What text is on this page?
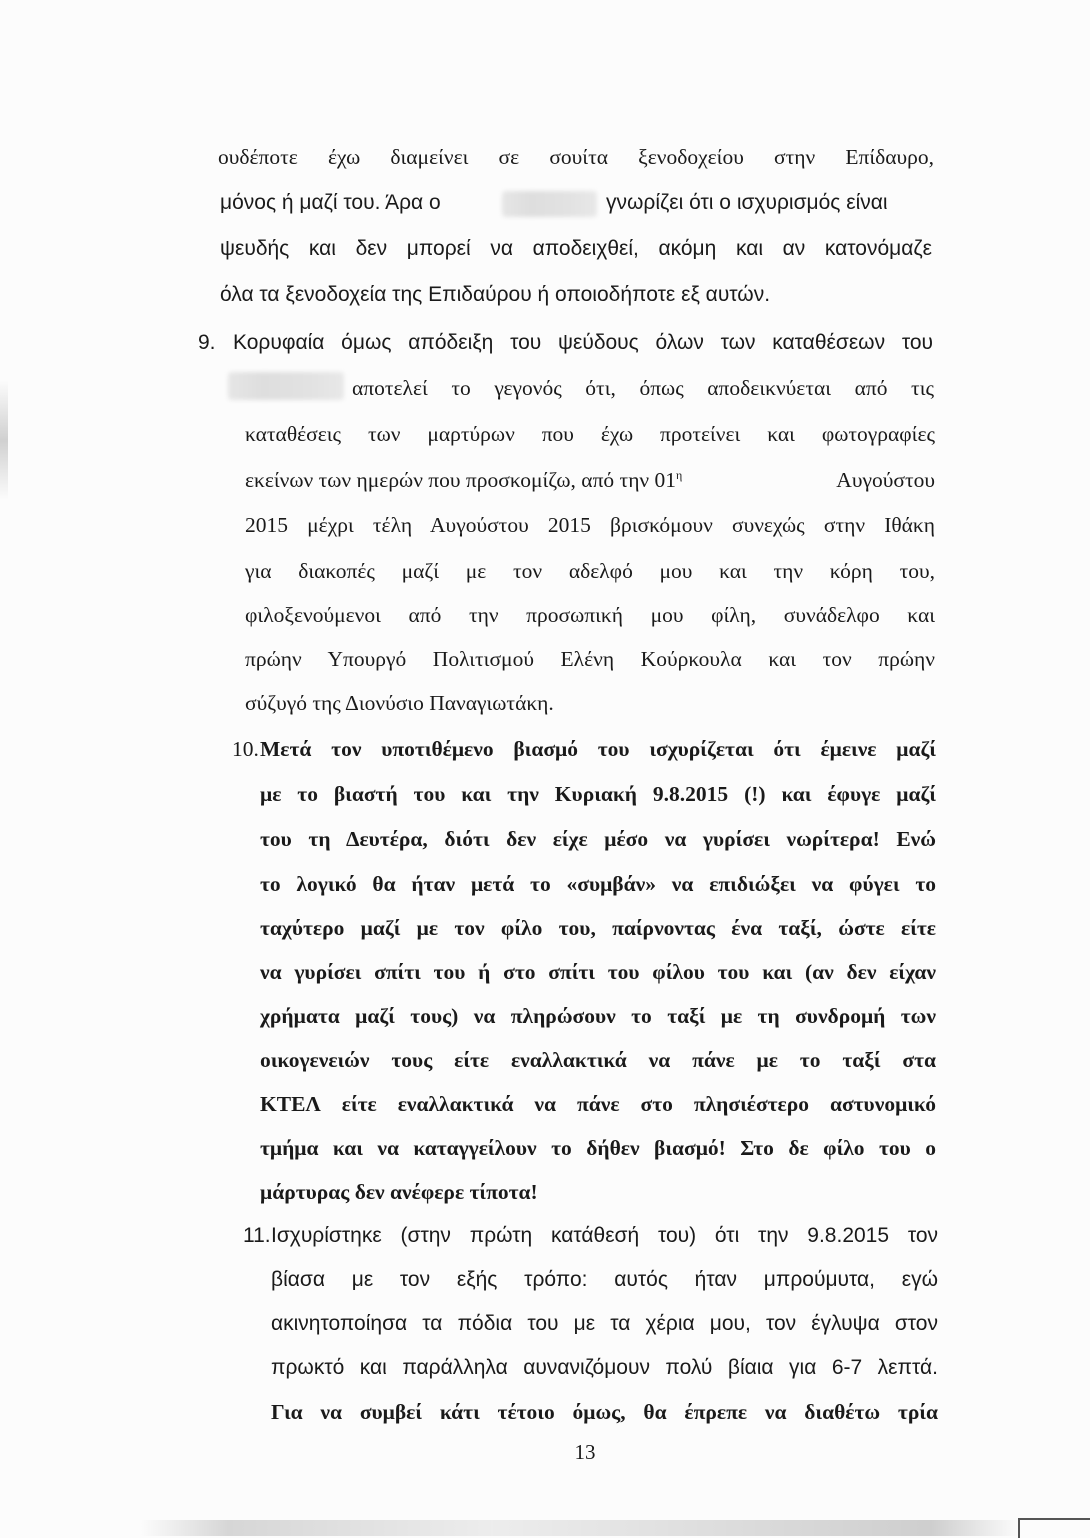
ουδέποτε έχω διαμείνει σε σουίτα ξενοδοχείου στην Επίδαυρο,
μόνος ή μαζί του. Άρα ο	γνωρίζει ότι ο ισχυρισμός είναι
ψευδής και δεν μπορεί να αποδειχθεί, ακόμη και αν κατονόμαζε
όλα τα ξενοδοχεία της Επιδαύρου ή οποιοδήποτε εξ αυτών.
9. Κορυφαία όμως απόδειξη του ψεύδους όλων των καταθέσεων του
αποτελεί το γεγονός ότι, όπως αποδεικνύεται από τις
καταθέσεις των μαρτύρων που έχω προτείνει και φωτογραφίες
εκείνων των ημερών που προσκομίζω, από την $01^\eta$	Αυγούστου
2015 μέχρι τέλη Αυγούστου 2015 βρισκόμουν συνεχώς στην Ιθάκη
για διακοπές μαζί με τον αδελφό μου και την κόρη του,
φιλοξενούμενοι από την προσωπική μου φίλη, συνάδελφο και
πρώην Υπουργό Πολιτισμού Ελένη Κούρκουλα και τον πρώην
σύζυγό της Διονύσιο Παναγιωτάκη.
10. Μετά τον υποτιθέμενο βιασμό του ισχυρίζεται ότι έμεινε μαζί
με το βιαστή του και την Κυριακή 9.8.2015 (!) και έφυγε μαζί
του τη Δευτέρα, διότι δεν είχε μέσο να γυρίσει νωρίτερα! Ενώ
το λογικό θα ήταν μετά το «συμβάν» να επιδιώξει να φύγει το
ταχύτερο μαζί με τον φίλο του, παίρνοντας ένα ταξί, ώστε είτε
να γυρίσει σπίτι του ή στο σπίτι του φίλου του και (αν δεν είχαν
χρήματα μαζί τους) να πληρώσουν το ταξί με τη συνδρομή των
οικογενειών τους είτε εναλλακτικά να πάνε με το ταξί στα
ΚΤΕΛ είτε εναλλακτικά να πάνε στο πλησιέστερο αστυνομικό
τμήμα και να καταγγείλουν το δήθεν βιασμό! Στο δε φίλο του ο
μάρτυρας δεν ανέφερε τίποτα!
11. Ισχυρίστηκε (στην πρώτη κατάθεσή του) ότι την 9.8.2015 τον
βίασα με τον εξής τρόπο: αυτός ήταν μπρούμυτα, εγώ
ακινητοποίησα τα πόδια του με τα χέρια μου, τον έγλυψα στον
πρωκτό και παράλληλα αυνανιζόμουν πολύ βίαια για 6-7 λεπτά.
Για να συμβεί κάτι τέτοιο όμως, θα έπρεπε να διαθέτω τρία
13
